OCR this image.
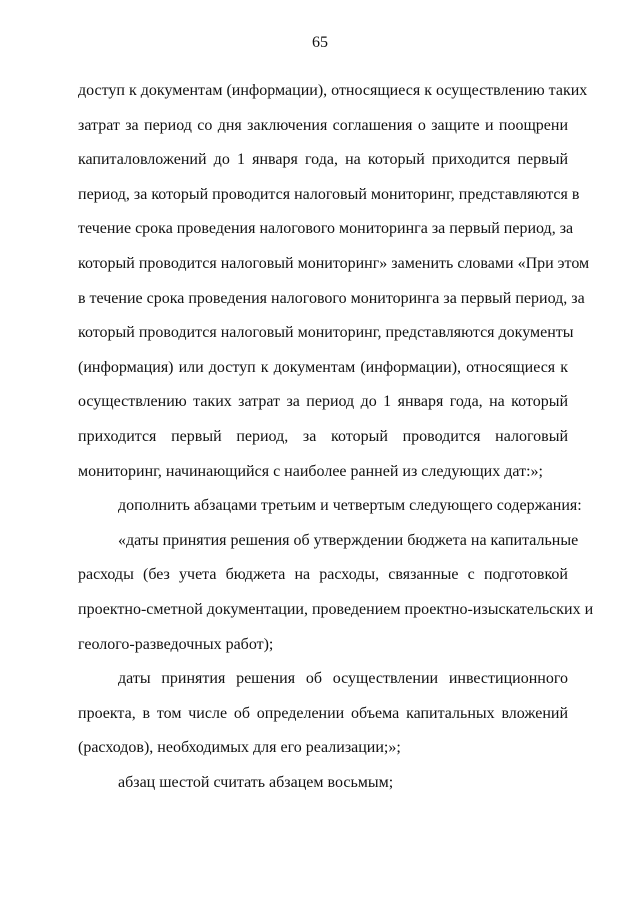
65

доступ к документам (информации), относящиеся к осуществлению таких
затрат за период со дня заключения соглашения о защите и поощрени
капиталовложений до 1 января года, на который приходится первый
период, за который проводится налоговый мониторинг, представляются в
течение срока проведения налогового мониторинга за первый период, за
который проводится налоговый мониторинг» заменить словами «При этом
в течение срока проведения налогового мониторинга за первый период, за
который проводится налоговый мониторинг, представляются документы
(информация) или доступ к документам (информации), относящиеся к
осуществлению таких затрат за период до 1 января года, на который
приходится первый период, за который проводится налоговый
мониторинг, начинающийся с наиболее ранней из следующих дат:»;

дополнить абзацами третьим и четвертым следующего содержания:

«даты принятия решения об утверждении бюджета на капитальные
расходы (без учета бюджета на расходы, связанные с подготовкой
проектно-сметной документации, проведением проектно-изыскательских и
геолого-разведочных работ);

даты принятия решения об осуществлении инвестиционного
проекта, в том числе об определении объема капитальных вложений
(расходов), необходимых для его реализации;»;

абзац шестой считать абзацем восьмым;
